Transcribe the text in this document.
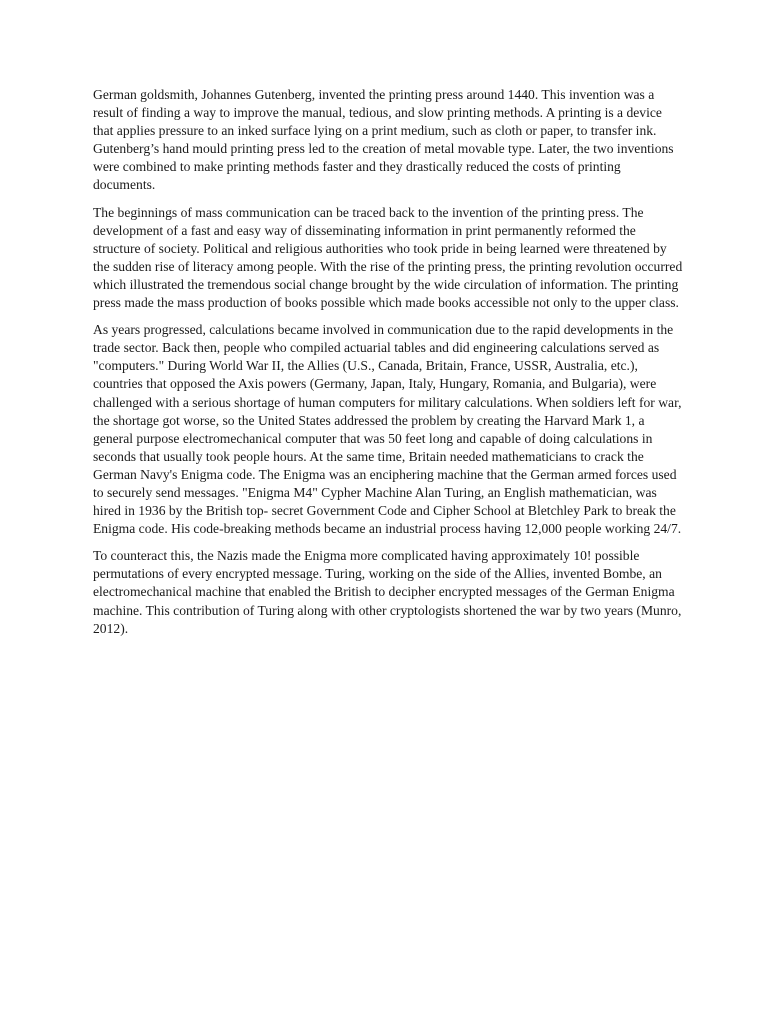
German goldsmith, Johannes Gutenberg, invented the printing press around 1440. This invention was a result of finding a way to improve the manual, tedious, and slow printing methods. A printing is a device that applies pressure to an inked surface lying on a print medium, such as cloth or paper, to transfer ink. Gutenberg’s hand mould printing press led to the creation of metal movable type. Later, the two inventions were combined to make printing methods faster and they drastically reduced the costs of printing documents.

The beginnings of mass communication can be traced back to the invention of the printing press. The development of a fast and easy way of disseminating information in print permanently reformed the structure of society. Political and religious authorities who took pride in being learned were threatened by the sudden rise of literacy among people. With the rise of the printing press, the printing revolution occurred which illustrated the tremendous social change brought by the wide circulation of information. The printing press made the mass production of books possible which made books accessible not only to the upper class.

As years progressed, calculations became involved in communication due to the rapid developments in the trade sector. Back then, people who compiled actuarial tables and did engineering calculations served as "computers." During World War II, the Allies (U.S., Canada, Britain, France, USSR, Australia, etc.), countries that opposed the Axis powers (Germany, Japan, Italy, Hungary, Romania, and Bulgaria), were challenged with a serious shortage of human computers for military calculations. When soldiers left for war, the shortage got worse, so the United States addressed the problem by creating the Harvard Mark 1, a general purpose electromechanical computer that was 50 feet long and capable of doing calculations in seconds that usually took people hours. At the same time, Britain needed mathematicians to crack the German Navy's Enigma code. The Enigma was an enciphering machine that the German armed forces used to securely send messages. "Enigma M4" Cypher Machine Alan Turing, an English mathematician, was hired in 1936 by the British top- secret Government Code and Cipher School at Bletchley Park to break the Enigma code. His code-breaking methods became an industrial process having 12,000 people working 24/7.

To counteract this, the Nazis made the Enigma more complicated having approximately 10! possible permutations of every encrypted message. Turing, working on the side of the Allies, invented Bombe, an electromechanical machine that enabled the British to decipher encrypted messages of the German Enigma machine. This contribution of Turing along with other cryptologists shortened the war by two years (Munro, 2012).
